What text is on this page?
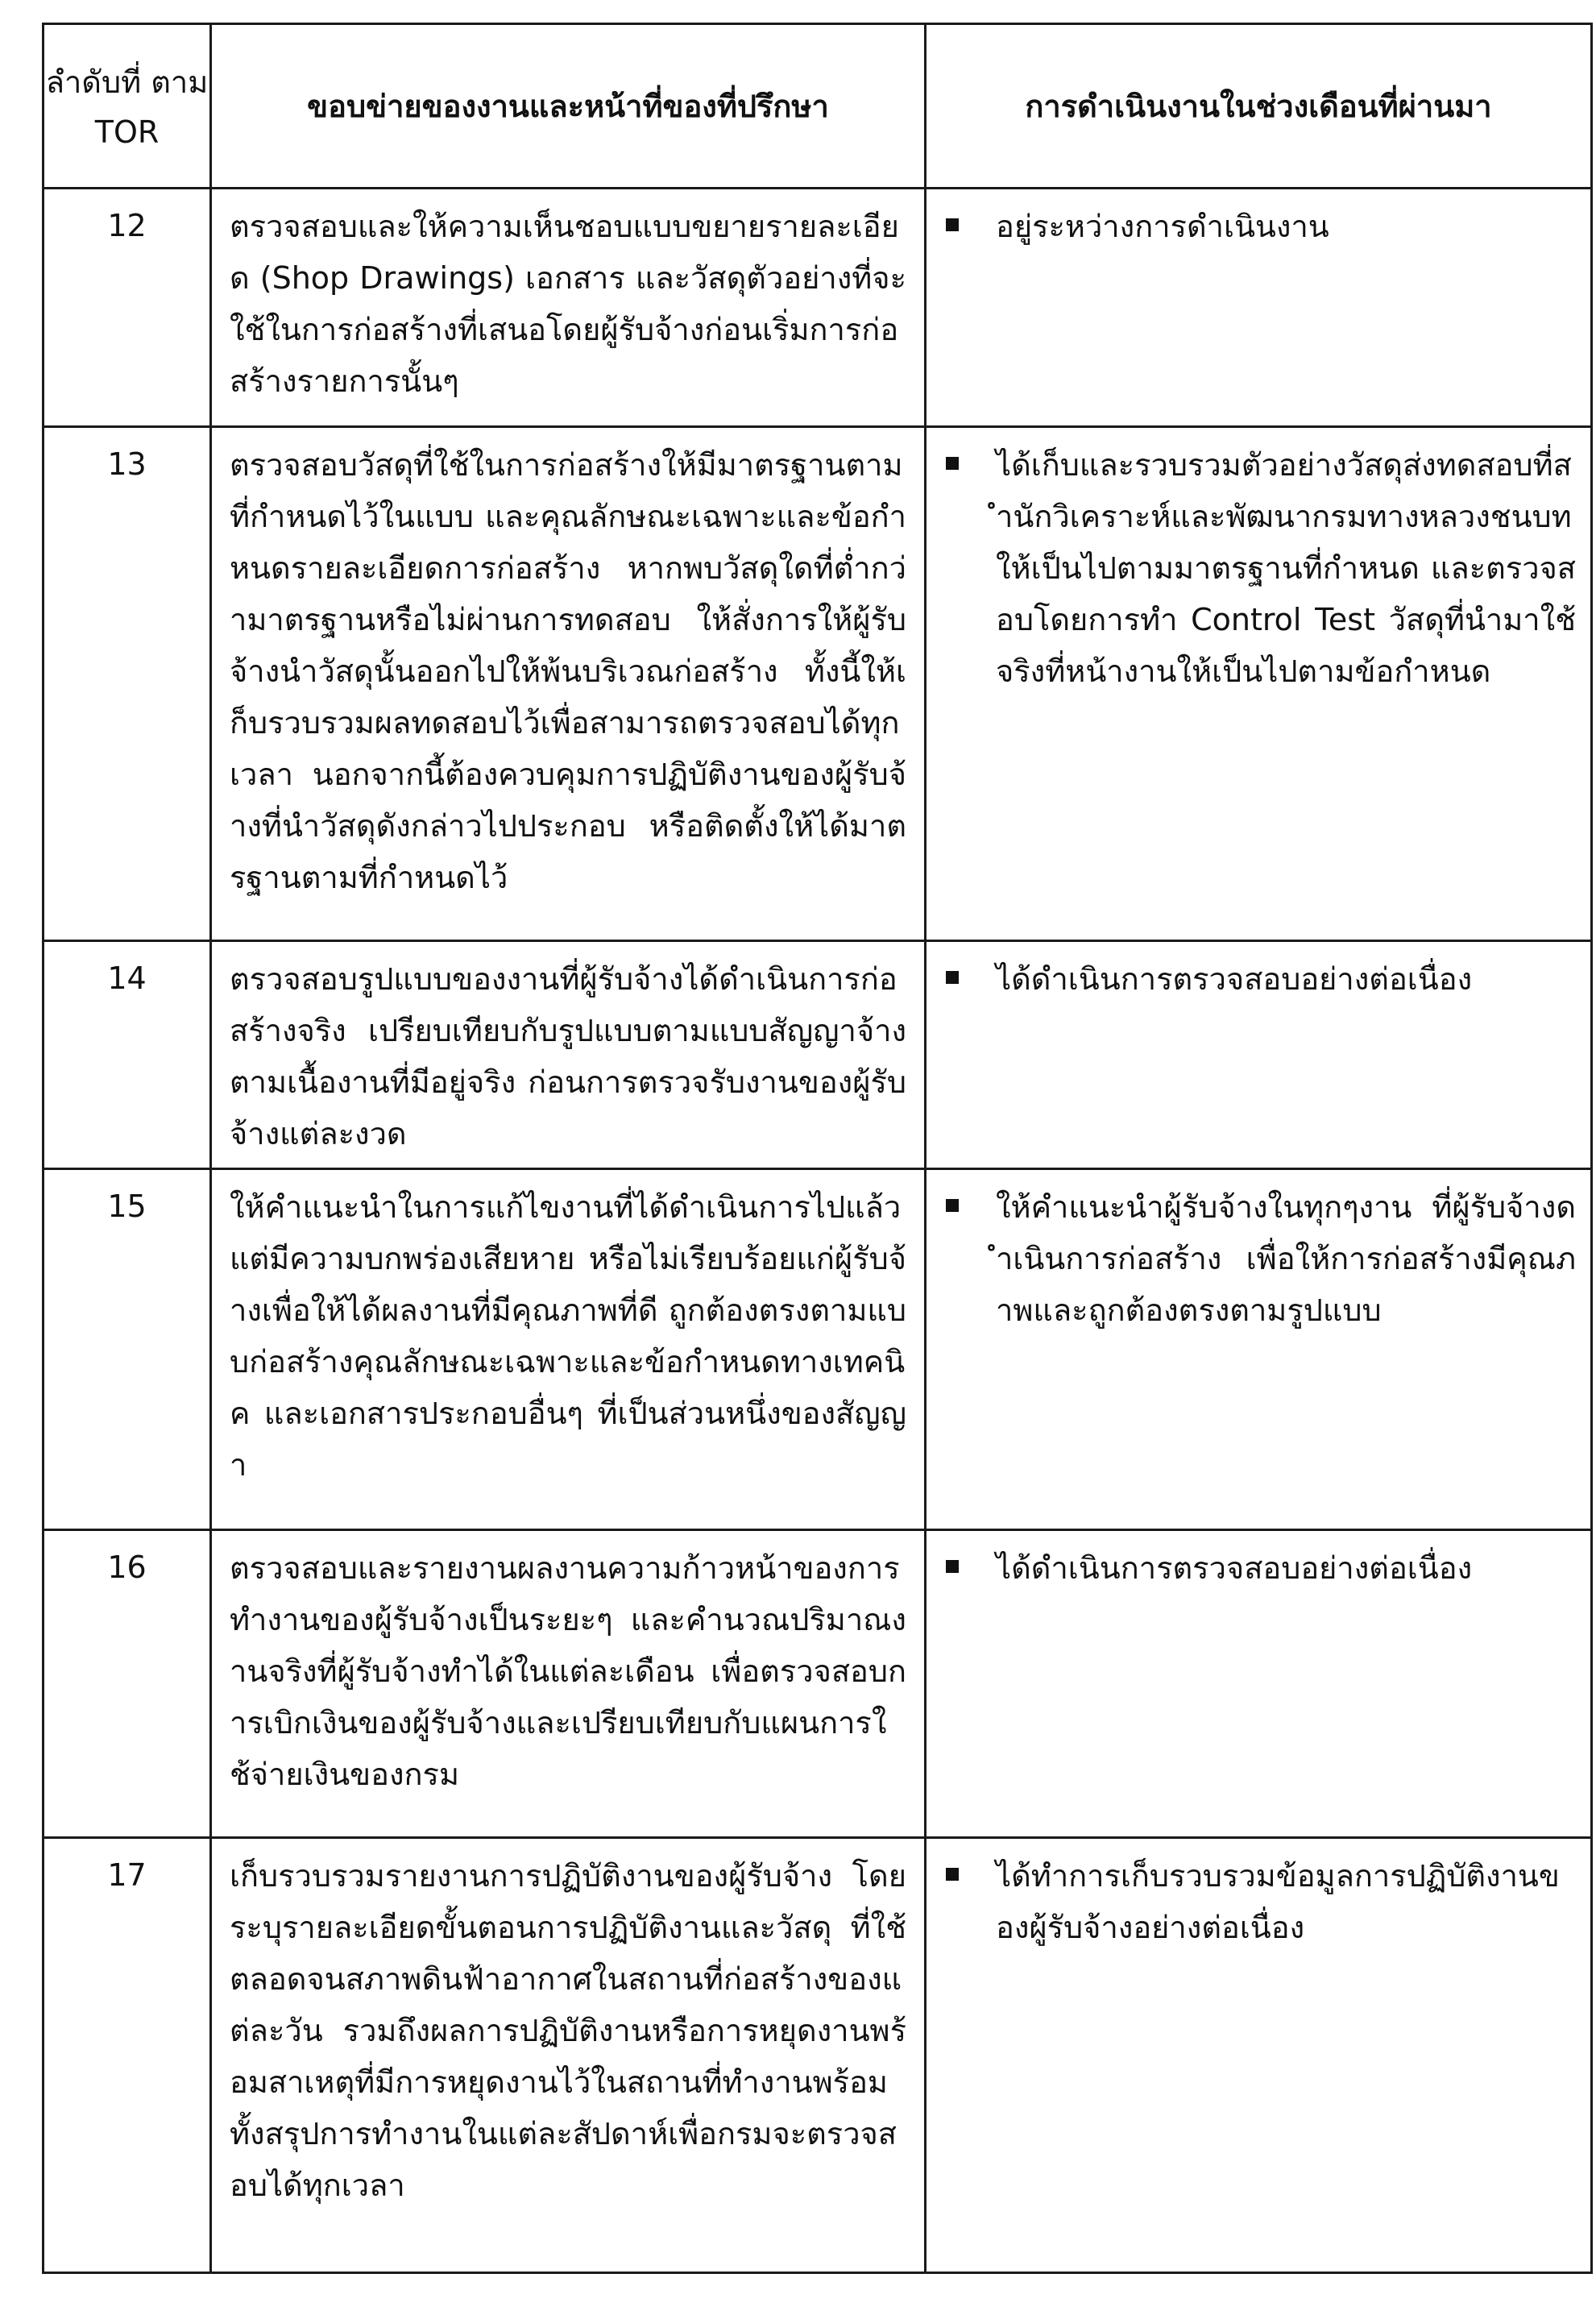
ลำดับที่ ตาม TOR	ขอบข่ายของงานและหน้าที่ของที่ปรึกษา	การดำเนินงานในช่วงเดือนที่ผ่านมา
12	ตรวจสอบและให้ความเห็นชอบแบบขยายรายละเอียด (Shop Drawings) เอกสาร และวัสดุตัวอย่างที่จะใช้ในการก่อสร้างที่เสนอโดยผู้รับจ้างก่อนเริ่มการก่อสร้างรายการนั้นๆ	อยู่ระหว่างการดำเนินงาน

13	ตรวจสอบวัสดุที่ใช้ในการก่อสร้างให้มีมาตรฐานตามที่กำหนดไว้ในแบบ และคุณลักษณะเฉพาะและข้อกำหนดรายละเอียดการก่อสร้าง หากพบวัสดุใดที่ต่ำกว่ามาตรฐานหรือไม่ผ่านการทดสอบ ให้สั่งการให้ผู้รับจ้างนำวัสดุนั้นออกไปให้พ้นบริเวณก่อสร้าง ทั้งนี้ให้เก็บรวบรวมผลทดสอบไว้เพื่อสามารถตรวจสอบได้ทุกเวลา นอกจากนี้ต้องควบคุมการปฏิบัติงานของผู้รับจ้างที่นำวัสดุดังกล่าวไปประกอบ หรือติดตั้งให้ได้มาตรฐานตามที่กำหนดไว้	ได้เก็บและรวบรวมตัวอย่างวัสดุส่งทดสอบที่สำนักวิเคราะห์และพัฒนากรมทางหลวงชนบท ให้เป็นไปตามมาตรฐานที่กำหนด และตรวจสอบโดยการทำ Control Test วัสดุที่นำมาใช้จริงที่หน้างานให้เป็นไปตามข้อกำหนด

14	ตรวจสอบรูปแบบของงานที่ผู้รับจ้างได้ดำเนินการก่อสร้างจริง เปรียบเทียบกับรูปแบบตามแบบสัญญาจ้าง ตามเนื้องานที่มีอยู่จริง ก่อนการตรวจรับงานของผู้รับจ้างแต่ละงวด	ได้ดำเนินการตรวจสอบอย่างต่อเนื่อง

15	ให้คำแนะนำในการแก้ไขงานที่ได้ดำเนินการไปแล้วแต่มีความบกพร่องเสียหาย หรือไม่เรียบร้อยแก่ผู้รับจ้างเพื่อให้ได้ผลงานที่มีคุณภาพที่ดี ถูกต้องตรงตามแบบก่อสร้างคุณลักษณะเฉพาะและข้อกำหนดทางเทคนิค และเอกสารประกอบอื่นๆ ที่เป็นส่วนหนึ่งของสัญญา	ให้คำแนะนำผู้รับจ้างในทุกๆงาน ที่ผู้รับจ้างดำเนินการก่อสร้าง เพื่อให้การก่อสร้างมีคุณภาพและถูกต้องตรงตามรูปแบบ

16	ตรวจสอบและรายงานผลงานความก้าวหน้าของการทำงานของผู้รับจ้างเป็นระยะๆ และคำนวณปริมาณงานจริงที่ผู้รับจ้างทำได้ในแต่ละเดือน เพื่อตรวจสอบการเบิกเงินของผู้รับจ้างและเปรียบเทียบกับแผนการใช้จ่ายเงินของกรม	ได้ดำเนินการตรวจสอบอย่างต่อเนื่อง

17	เก็บรวบรวมรายงานการปฏิบัติงานของผู้รับจ้าง โดยระบุรายละเอียดขั้นตอนการปฏิบัติงานและวัสดุ ที่ใช้ตลอดจนสภาพดินฟ้าอากาศในสถานที่ก่อสร้างของแต่ละวัน รวมถึงผลการปฏิบัติงานหรือการหยุดงานพร้อมสาเหตุที่มีการหยุดงานไว้ในสถานที่ทำงานพร้อมทั้งสรุปการทำงานในแต่ละสัปดาห์เพื่อกรมจะตรวจสอบได้ทุกเวลา	ได้ทำการเก็บรวบรวมข้อมูลการปฏิบัติงานของผู้รับจ้างอย่างต่อเนื่อง
